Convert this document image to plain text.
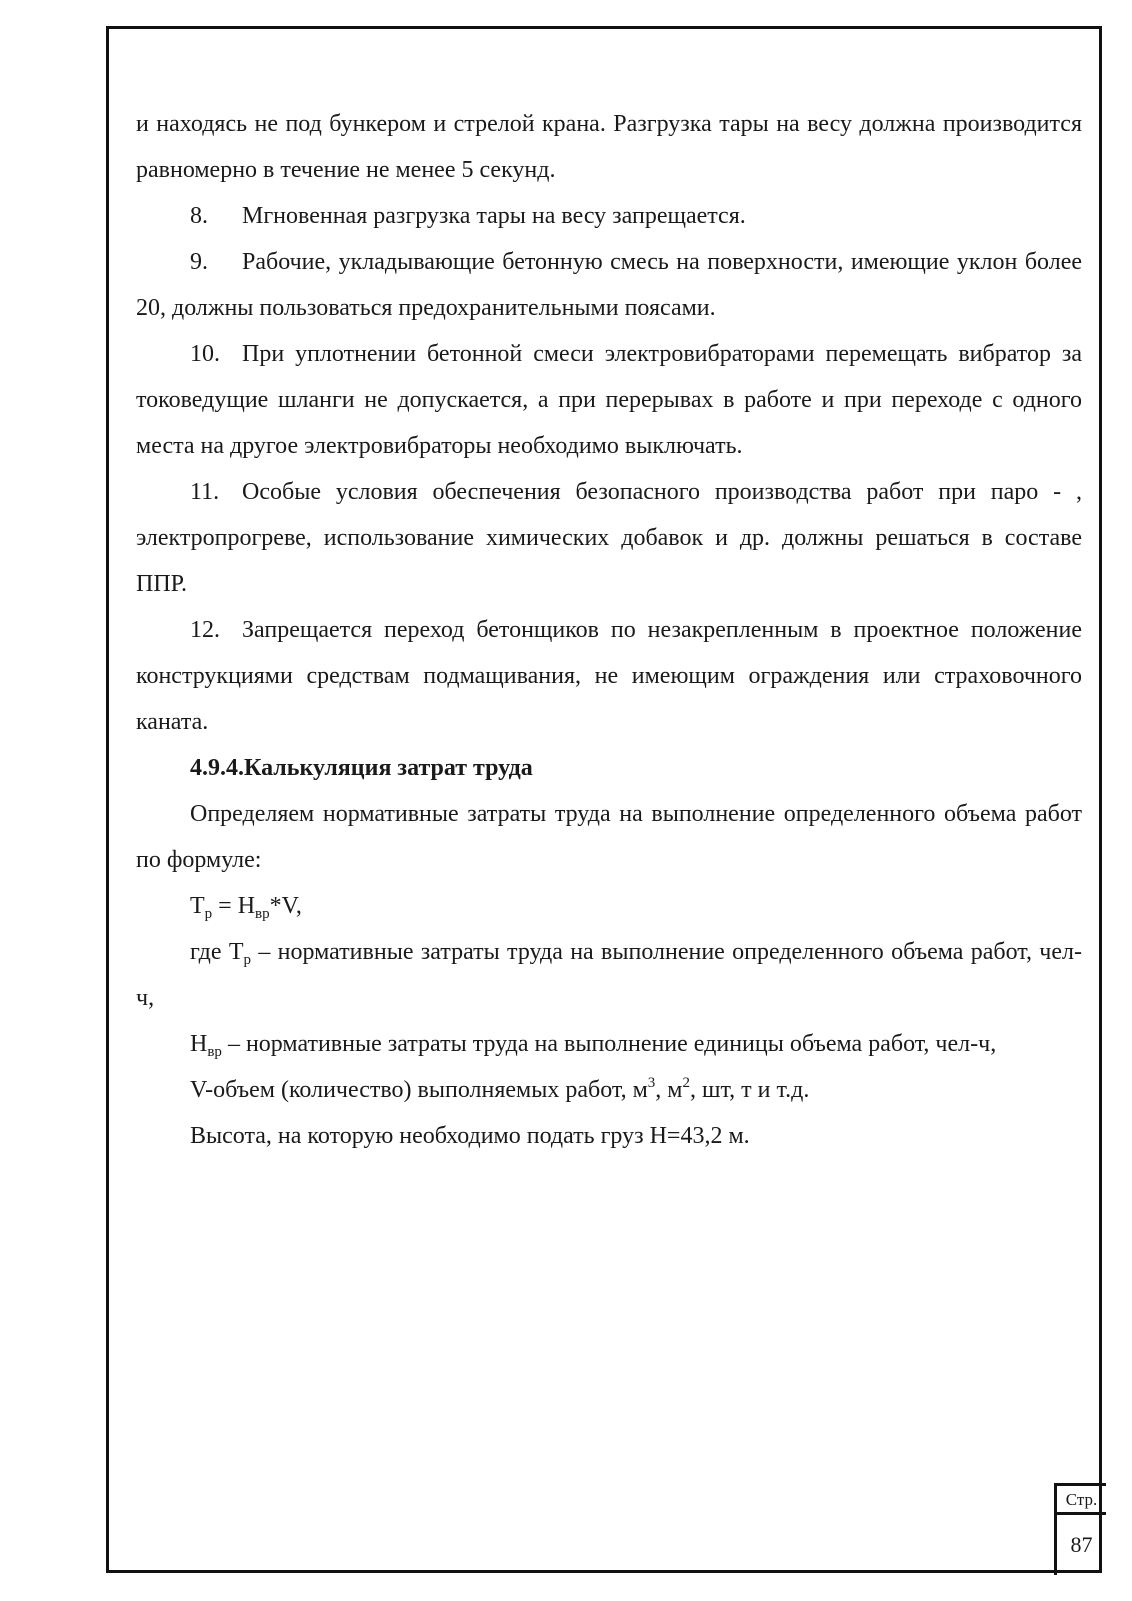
и находясь не под бункером и стрелой крана. Разгрузка тары на весу должна производится равномерно в течение не менее 5 секунд.

8. Мгновенная разгрузка тары на весу запрещается.

9. Рабочие, укладывающие бетонную смесь на поверхности, имеющие уклон более 20, должны пользоваться предохранительными поясами.

10. При уплотнении бетонной смеси электровибраторами перемещать вибратор за токоведущие шланги не допускается, а при перерывах в работе и при переходе с одного места на другое электровибраторы необходимо выключать.

11. Особые условия обеспечения безопасного производства работ при паро - , электропрогреве, использование химических добавок и др. должны решаться в составе ППР.

12. Запрещается переход бетонщиков по незакрепленным в проектное положение конструкциями средствам подмащивания, не имеющим ограждения или страховочного каната.

4.9.4.Калькуляция затрат труда

Определяем нормативные затраты труда на выполнение определенного объема работ по формуле:

$Т_р = Н_{вр}*V$,

где $Т_р$ – нормативные затраты труда на выполнение определенного объема работ, чел-ч,

$Н_{вр}$ – нормативные затраты труда на выполнение единицы объема работ, чел-ч,

V-объем (количество) выполняемых работ, $м^3$, $м^2$, шт, т и т.д.

Высота, на которую необходимо подать груз Н=43,2 м.

Стр.
87
